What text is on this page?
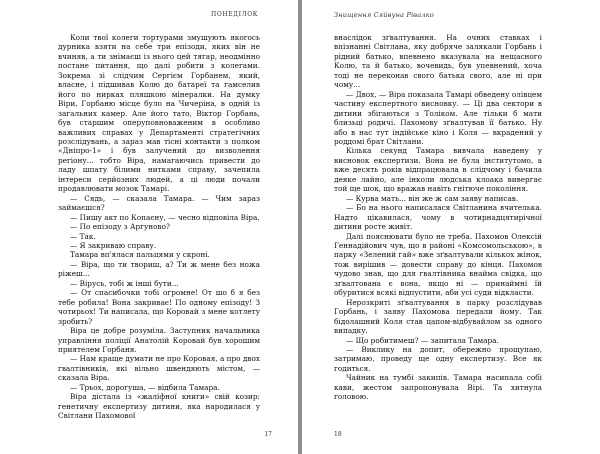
ПОНЕДІЛОК

Коли твої колеги тортурами змушують якогось дурника взяти на себе три епізоди, яких він не вчиняв, а ти знімаєш із нього цей тягар, неодмінно постане питання, що далі робити з колегами. Зокрема зі слідчим Сергієм Горбанем, який, власне, і підшивав Колю до батареї та гамселив його по нирках пляшкою мінералки. На думку Віри, Горбаню місце було на Чичеріна, в одній із загальних камер. Але його тато, Віктор Горбань, був старшим оперуповноваженим в особливо важливих справах у Департаменті стратегічних розслідувань, а зараз мав тісні контакти з полком «Дніпро-1» і був залучений до визволення регіону... тобто Віра, намагаючись привести до ладу шпату білими нитками справу, зачепила інтереси серйозних людей, а ці люди почали продавлювати мозок Тамарі.

— Сядь, — сказала Тамара. — Чим зараз займаєшся?

— Пишу акт по Копаєну, — чесно відповіла Віра.

— По епізоду з Аргуново?

— Так.

— Я закриваю справу.

Тамара вп'ялася пальцями у скроні.

— Віра, що ти твориш, а? Ти ж мене без ножа ріжеш...

— Вірусь, тобі ж інші бути...

— От спасибочки тобі огромне! От шо б я без тебе робила! Вона закриває! По одному епізоду! З чотирьох! Ти написала, що Коровай з мене котлету зробить?

Віра це добре розуміла. Заступник начальника управління поліції Анатолій Коровай був хорошим приятелем Горбаня.

— Нам краще думати не про Коровая, а про двох гвалтівників, які вільно швендяють містом, — сказала Віра.

— Трьох, дорогуша, — відбила Тамара.

Віра дістала із «жаліфної книги» свій козир: генетичну експертизу дитини, яка народилася у Світлани Пахомової

17
Знищення Сяйвуна Рівалко

внаслідок зґвалтування. На очних ставках і впізнанні Світлана, яку добряче залякали Горбань і рідний батько, впевнено вказувала на нещасного Колю, та й батько, вочевидь, був упевнений, хоча тоді не переконав свого батька свого, але ні при чому...

— Двох, — Віра показала Тамарі обведену олівцем частину експертного висновку. — Ці два сектори в дитини збігаються з Толіком. Але тільки б мати близьці родичі. Пахомову зґвалтував її батько. Ну або в нас тут індійське кіно і Коля — вкрадений у роддомі брат Світлани.

Кілька секунд Тамара вивчала наведену у висновок експертизи. Вона не була інститутомо, а вже десять років відпрацювала в слідчому і бачила деяке лайно, але інколи людська клоака вивергає той ще шок, що вражав навіть гнітюче покоління.

— Курва мать... він же ж сам заяву написав.

— Бо на нього написалася Світланина вчителька. Надто цікавилася, чому в чотирнадцятирічної дитини росте живіт.

Далі пояснювати було не треба. Пахомов Олексій Геннадійович чув, що в районі «Комсомольською», в парку «Зелений гай» вже зґвалтували кількох жінок, тож вирішив — довести справу до кінця. Пахомов чудово знав, що для гвалтівника внайма свідка, що зґвалтована є вона, якщо ні — принаймні їй обуритися всякі відпустити, аби усі суди відкласти.

Нерозкриті зґвалтування в парку розслідував Горбань, і заяву Пахомова передали йому. Так бідолашний Коля став цапом-відбувайлом за одного випадку.

— Що робитимеш? — запитала Тамара.

— Виклику на допит, обережно прощупаю, затримаю, проведу ще одну експертизу. Все як годиться.

Чайник на тумбі закипів. Тамара насипала собі кави, жестом запропонувала Вірі. Та хитнула головою.

18
